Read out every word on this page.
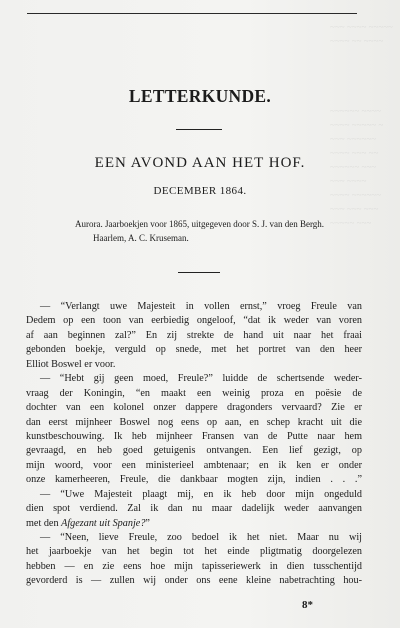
~~~ ~~~~ ~~~~~
~~~~ ~~ ~~~~

~~~~~~ ~~~~
~~~~ ~~~~~ ~
~~~ ~~~~~~
~~~~ ~~~ ~~
~~~~~~ ~~~
~~~ ~~~~
~~~~ ~~~~~~
~~~ ~~~ ~~~
~~~~~ ~~~
LETTERKUNDE.
EEN AVOND AAN HET HOF.
DECEMBER 1864.
Aurora. Jaarboekjen voor 1865, uitgegeven door S. J. van den Bergh.
Haarlem, A. C. Kruseman.
— “Verlangt uwe Majesteit in vollen ernst,” vroeg Freule van
Dedem op een toon van eerbiedig ongeloof, “dat ik weder van voren
af aan beginnen zal?” En zij strekte de hand uit naar het fraai
gebonden boekje, verguld op snede, met het portret van den heer
Elliot Boswel er voor.
— “Hebt gij geen moed, Freule?” luidde de schertsende weder-
vraag der Koningin, “en maakt een weinig proza en poësie de
dochter van een kolonel onzer dappere dragonders vervaard? Zie er
dan eerst mijnheer Boswel nog eens op aan, en schep kracht uit die
kunstbeschouwing. Ik heb mijnheer Fransen van de Putte naar hem
gevraagd, en heb goed getuigenis ontvangen. Een lief gezigt, op
mijn woord, voor een ministerieel ambtenaar; en ik ken er onder
onze kamerheeren, Freule, die dankbaar mogten zijn, indien . . .”
— “Uwe Majesteit plaagt mij, en ik heb door mijn ongeduld
dien spot verdiend. Zal ik dan nu maar dadelijk weder aanvangen
met den Afgezant uit Spanje?”
— “Neen, lieve Freule, zoo bedoel ik het niet. Maar nu wij
het jaarboekje van het begin tot het einde pligtmatig doorgelezen
hebben — en zie eens hoe mijn tapisseriewerk in dien tusschentijd
gevorderd is — zullen wij onder ons eene kleine nabetrachting hou-
8*
